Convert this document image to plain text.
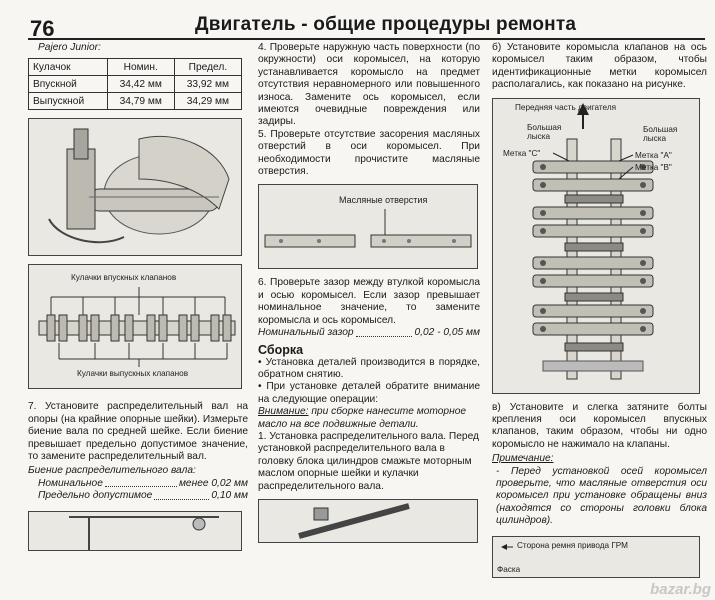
76	Двигатель - общие процедуры ремонта

Pajero Junior:

Кулачок	Номин.	Предел.
Впускной	34,42 мм	33,92 мм
Выпускной	34,79 мм	34,29 мм
Кулачки впускных клапанов
Кулачки выпускных клапанов

7. Установите распределительный вал на опоры (на крайние опорные шейки). Измерьте биение вала по средней шейке. Если биение превышает предельно допустимое значение, то замените распределительный вал.

Биение распределительного вала:

Номинальное	менее 0,02 мм
Предельно допустимое	0,10 мм

4. Проверьте наружную часть поверхности (по окружности) оси коромысел, на которую устанавливается коромысло на предмет отсутствия неравномерного или повышенного износа. Замените ось коромысел, если имеются очевидные повреждения или задиры.

5. Проверьте отсутствие засорения масляных отверстий в оси коромысел. При необходимости прочистите масляные отверстия.

Масляные отверстия

6. Проверьте зазор между втулкой коромысла и осью коромысел. Если зазор превышает номинальное значение, то замените коромысла и ось коромысел.

Номинальный зазор	0,02 - 0,05 мм
Сборка

• Установка деталей производится в порядке, обратном снятию.

• При установке деталей обратите внимание на следующие операции:

Внимание: при сборке нанесите моторное масло на все подвижные детали.

1. Установка распределительного вала. Перед установкой распределительного вала в головку блока цилиндров смажьте моторным маслом опорные шейки и кулачки распределительного вала.

б) Установите коромысла клапанов на ось коромысел таким образом, чтобы идентификационные метки коромысел располагались, как показано на рисунке.

Передняя часть двигателя
Большая лыска
Большая лыска
Метка "С"	Метка "А"
Метка "В"

в) Установите и слегка затяните болты крепления оси коромысел впускных клапанов, таким образом, чтобы ни одно коромысло не нажимало на клапаны.

Примечание:

- Перед установкой осей коромысел проверьте, что масляные отверстия оси коромысел при установке обращены вниз (находятся со стороны головки блока цилиндров).

Сторона ремня привода ГРМ
Фаска
bazar.bg
